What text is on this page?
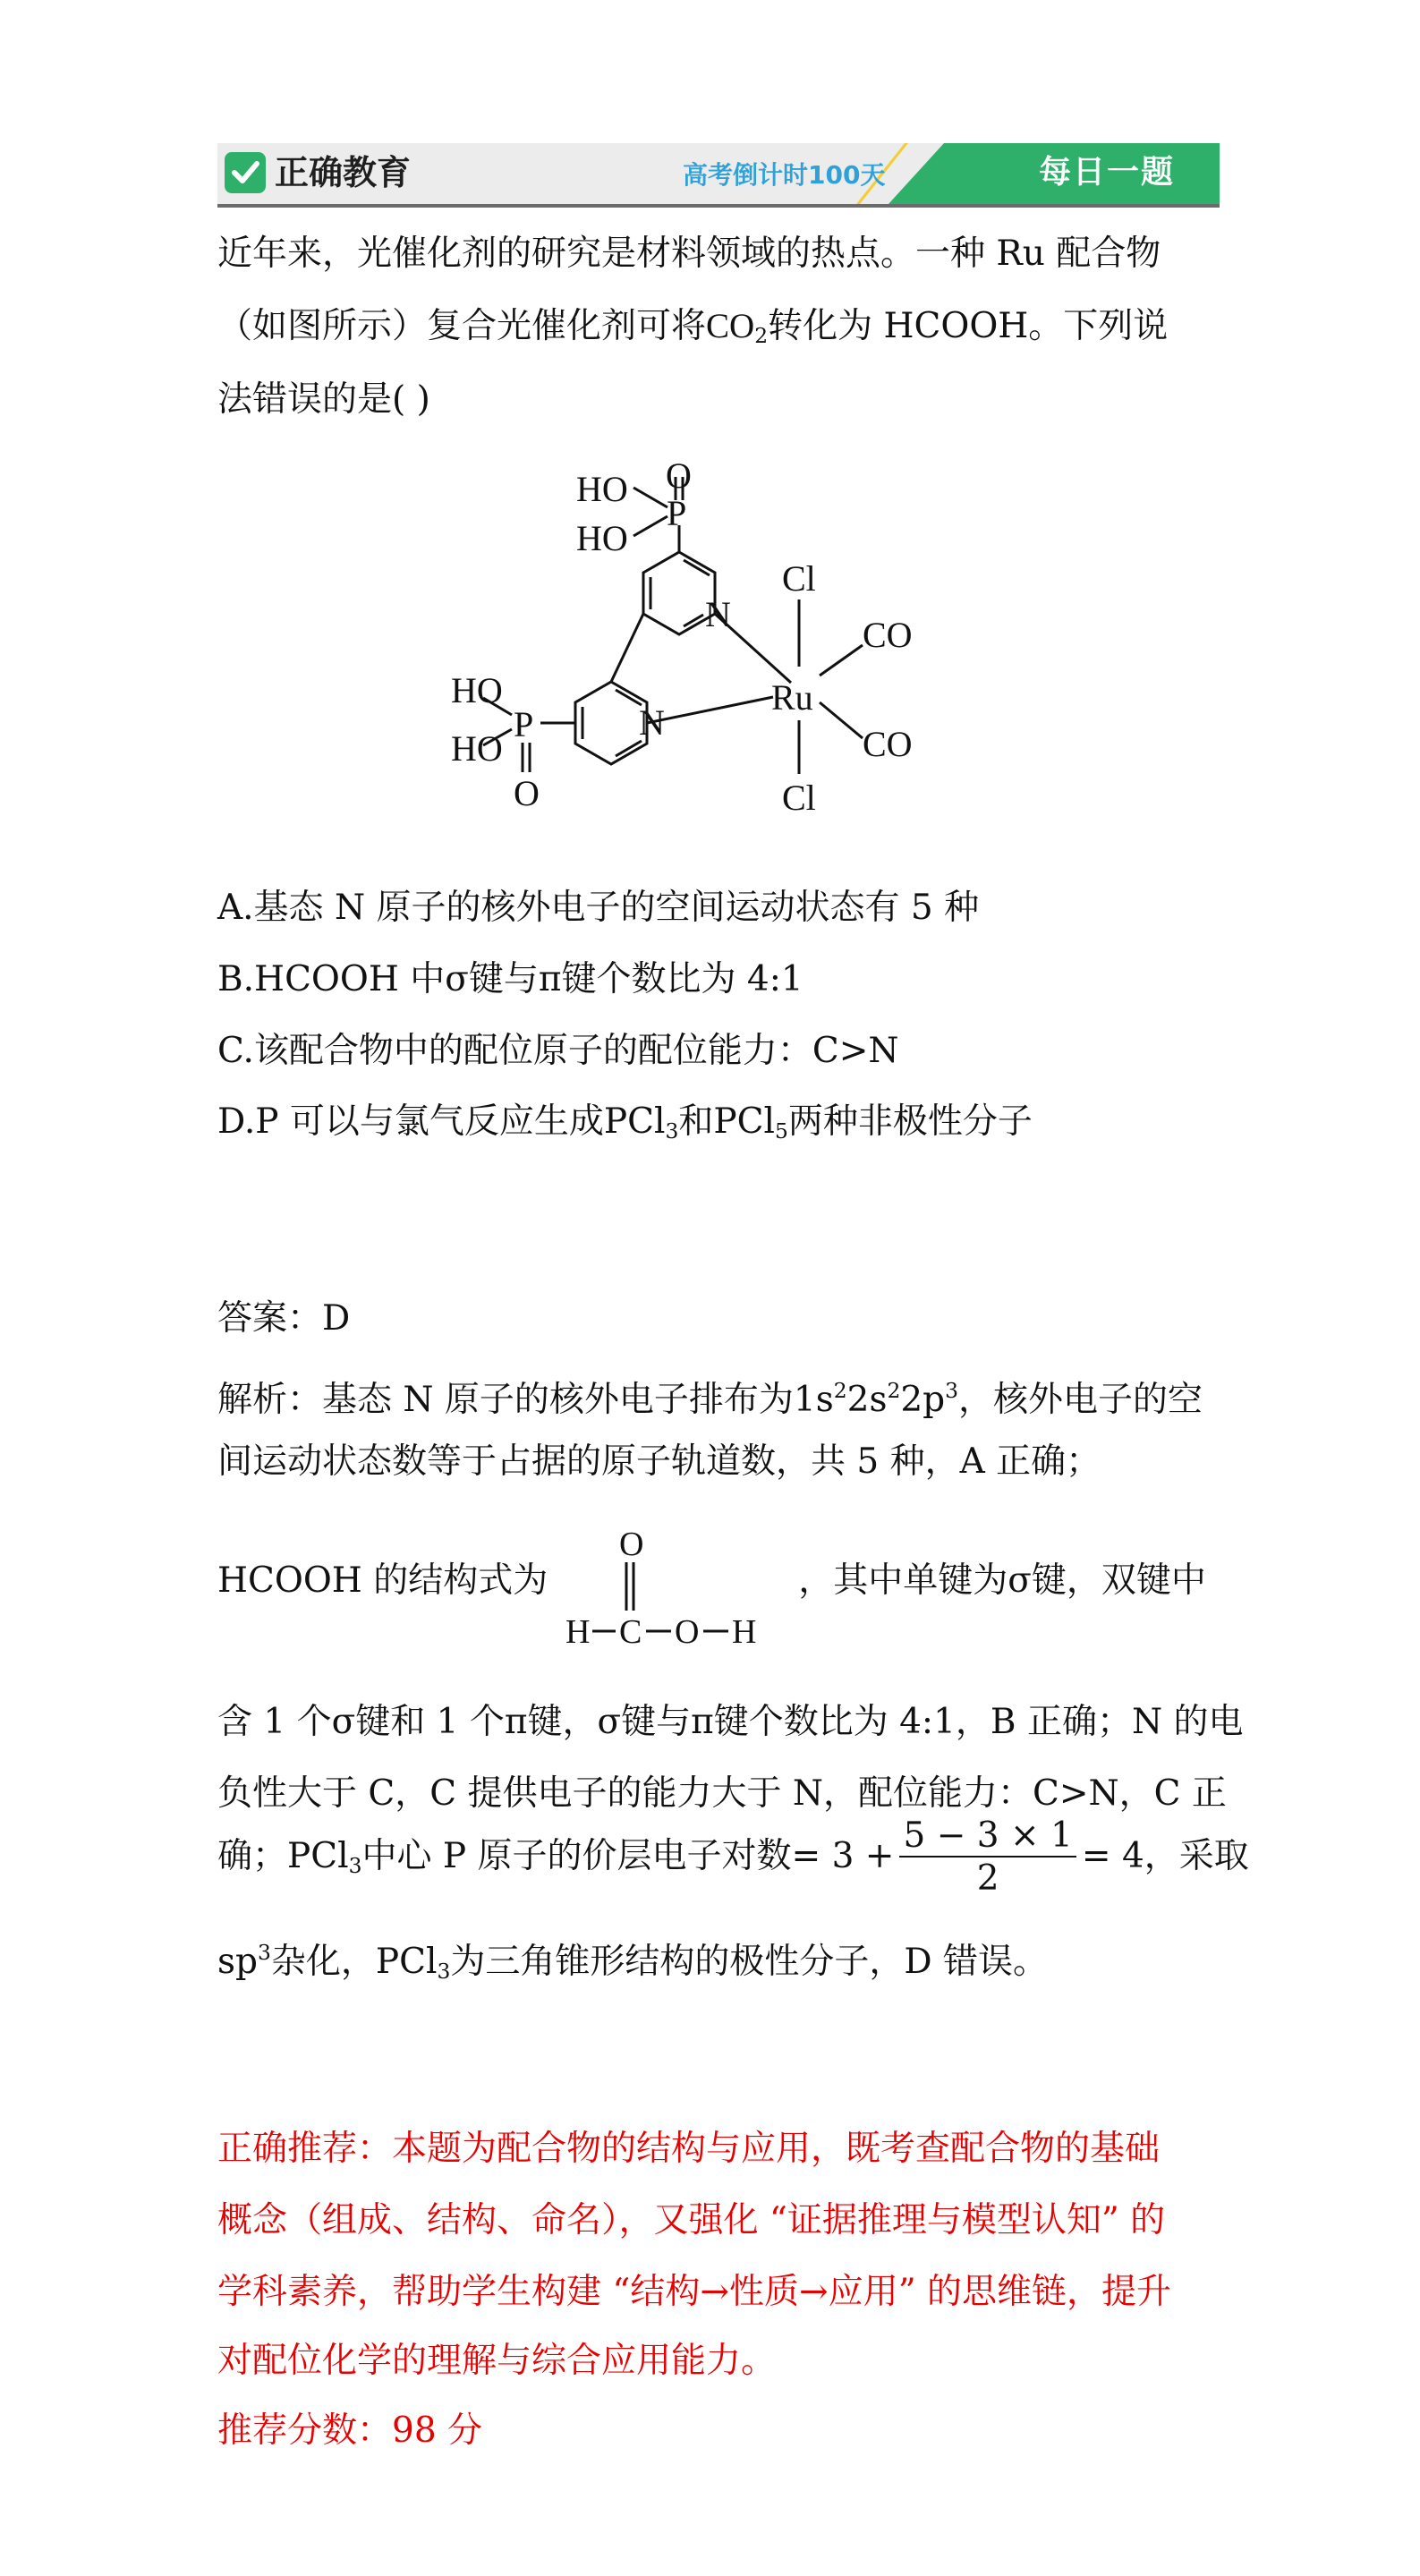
正确教育	高考倒计时100天	每日一题
近年来，光催化剂的研究是材料领域的热点。一种 Ru 配合物
（如图所示）复合光催化剂可将$CO_2$转化为 HCOOH。下列说
法错误的是( )
O
HO
HO
P
N
Cl
CO
Ru
HO
HO
P	N
CO
Cl
O
A.基态 N 原子的核外电子的空间运动状态有 5 种
B.HCOOH 中σ键与π键个数比为 4:1
C.该配合物中的配位原子的配位能力：C>N
D.P 可以与氯气反应生成PCl$_3$和PCl$_5$两种非极性分子
答案：D
解析：基态 N 原子的核外电子排布为$1s^22s^22p^3$，核外电子的空
间运动状态数等于占据的原子轨道数，共 5 种，A 正确；
HCOOH 的结构式为
O
H C O H
，其中单键为σ键，双键中
含 1 个σ键和 1 个π键，σ键与π键个数比为 4:1，B 正确；N 的电
负性大于 C，C 提供电子的能力大于 N，配位能力：C>N，C 正
确；PCl$_3$中心 P 原子的价层电子对数= $3 + \frac{5 - 3 \times 1}{2} = 4$，采取
$sp^3$杂化，PCl$_3$为三角锥形结构的极性分子，D 错误。
正确推荐：本题为配合物的结构与应用，既考查配合物的基础
概念（组成、结构、命名），又强化 “证据推理与模型认知” 的
学科素养，帮助学生构建 “结构→性质→应用” 的思维链，提升
对配位化学的理解与综合应用能力。
推荐分数：98 分
